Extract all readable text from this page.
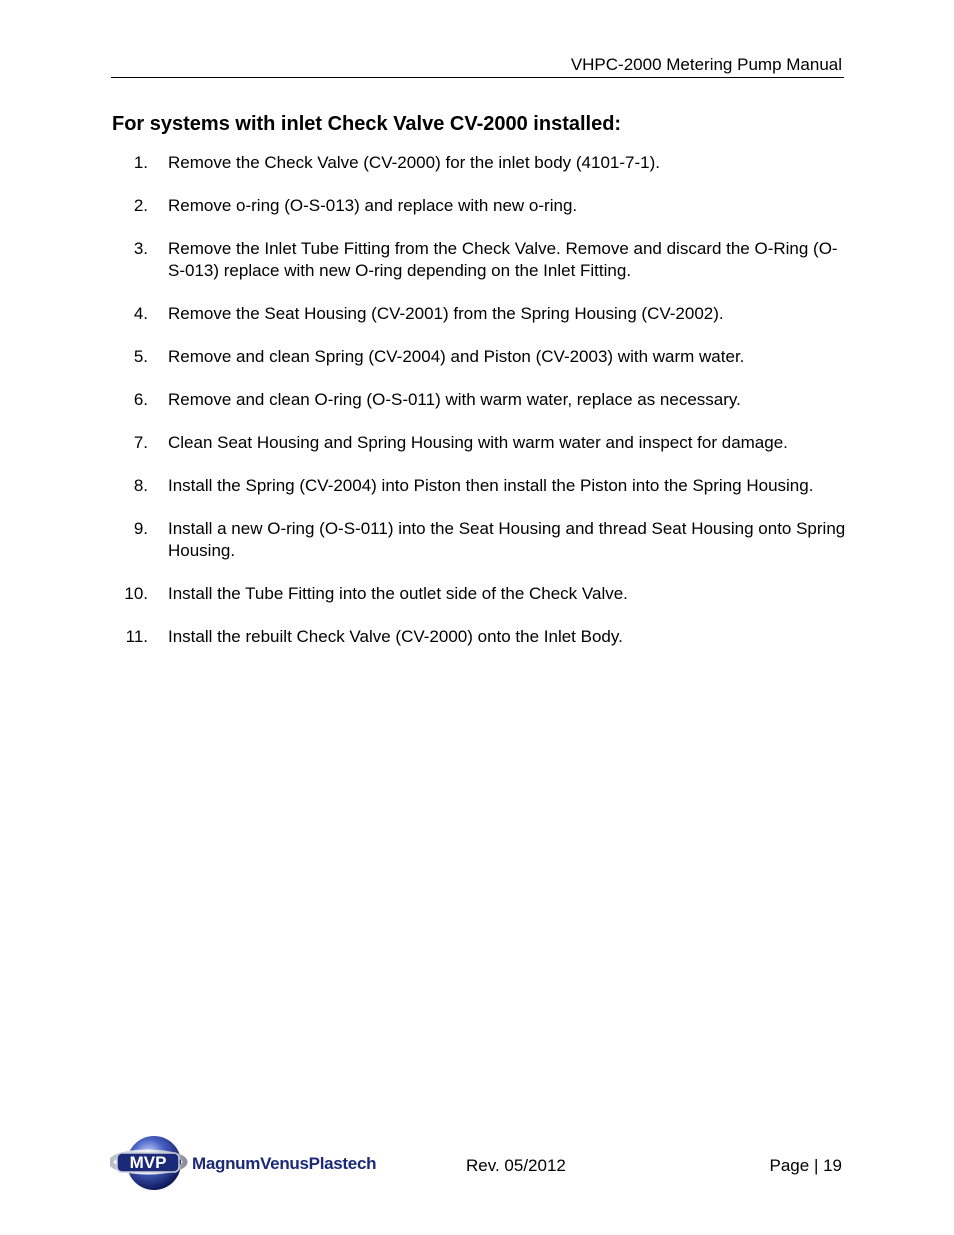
VHPC-2000 Metering Pump Manual
For systems with inlet Check Valve CV-2000 installed:
1. Remove the Check Valve (CV-2000) for the inlet body (4101-7-1).
2. Remove o-ring (O-S-013) and replace with new o-ring.
3. Remove the Inlet Tube Fitting from the Check Valve. Remove and discard the O-Ring (O-S-013) replace with new O-ring depending on the Inlet Fitting.
4. Remove the Seat Housing (CV-2001) from the Spring Housing (CV-2002).
5. Remove and clean Spring (CV-2004) and Piston (CV-2003) with warm water.
6. Remove and clean O-ring (O-S-011) with warm water, replace as necessary.
7. Clean Seat Housing and Spring Housing with warm water and inspect for damage.
8. Install the Spring (CV-2004) into Piston then install the Piston into the Spring Housing.
9. Install a new O-ring (O-S-011) into the Seat Housing and thread Seat Housing onto Spring Housing.
10. Install the Tube Fitting into the outlet side of the Check Valve.
11. Install the rebuilt Check Valve (CV-2000) onto the Inlet Body.
MVP MagnumVenusPlastech	Rev. 05/2012	Page | 19
